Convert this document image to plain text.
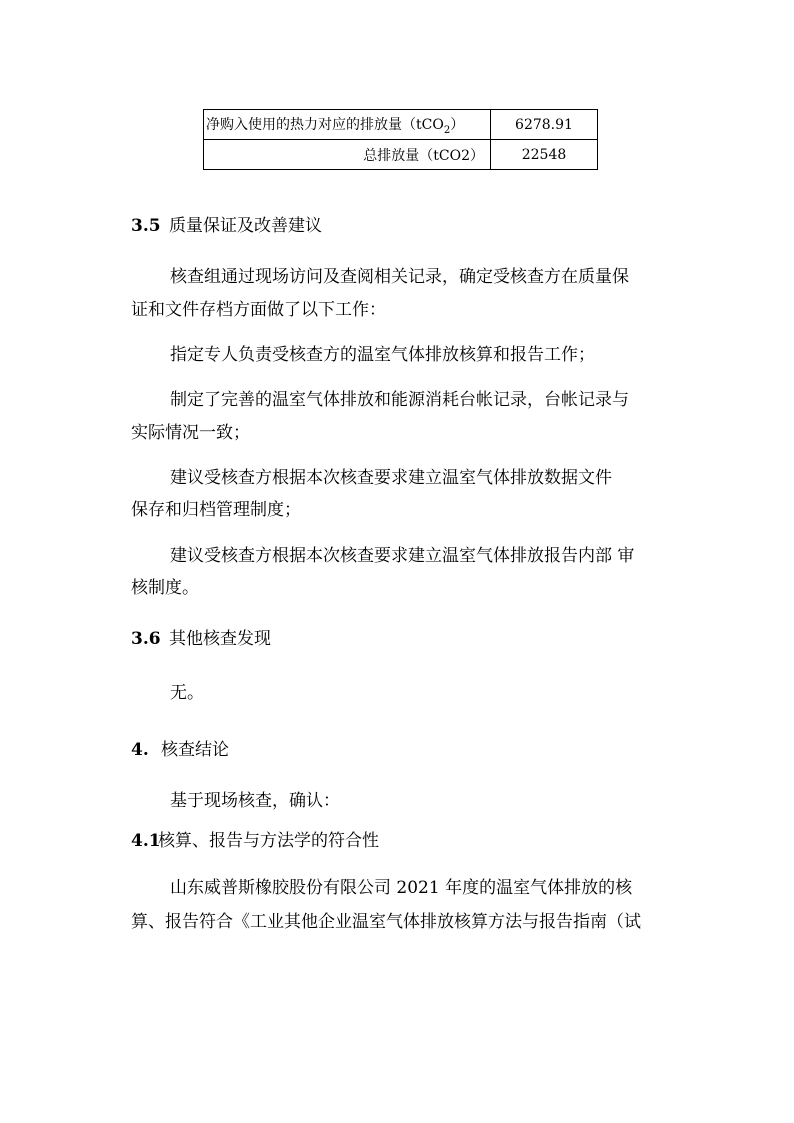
净购入使用的热力对应的排放量（tCO$_2$）	6278.91
总排放量（tCO2）	22548
3.5 质量保证及改善建议
核查组通过现场访问及查阅相关记录，确定受核查方在质量保
证和文件存档方面做了以下工作：
指定专人负责受核查方的温室气体排放核算和报告工作；
制定了完善的温室气体排放和能源消耗台帐记录，台帐记录与
实际情况一致；
建议受核查方根据本次核查要求建立温室气体排放数据文件
保存和归档管理制度；
建议受核查方根据本次核查要求建立温室气体排放报告内部 审
核制度。
3.6 其他核查发现
无。
4. 核查结论
基于现场核查，确认：
4.1核算、报告与方法学的符合性
山东威普斯橡胶股份有限公司 2021 年度的温室气体排放的核
算、报告符合《工业其他企业温室气体排放核算方法与报告指南（试
